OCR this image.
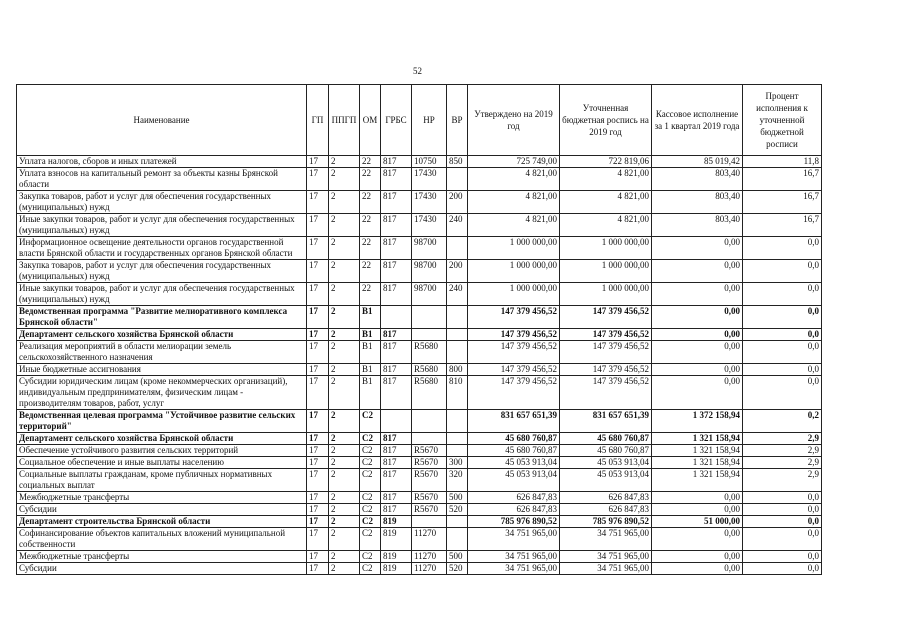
52
Наименование	ГП	ППГП	ОМ	ГРБС	НР	ВР	Утверждено на 2019 год	Уточненная бюджетная роспись на 2019 год	Кассовое исполнение за 1 квартал 2019 года	Процент исполнения к уточненной бюджетной росписи
Уплата налогов, сборов и иных платежей	17	2	22	817	10750	850	725 749,00	722 819,06	85 019,42	11,8
Уплата взносов на капитальный ремонт за объекты казны Брянской области	17	2	22	817	17430		4 821,00	4 821,00	803,40	16,7
Закупка товаров, работ и услуг для обеспечения государственных (муниципальных) нужд	17	2	22	817	17430	200	4 821,00	4 821,00	803,40	16,7
Иные закупки товаров, работ и услуг для обеспечения государственных (муниципальных) нужд	17	2	22	817	17430	240	4 821,00	4 821,00	803,40	16,7
Информационное освещение деятельности органов государственной власти Брянской области и государственных органов Брянской области	17	2	22	817	98700		1 000 000,00	1 000 000,00	0,00	0,0
Закупка товаров, работ и услуг для обеспечения государственных (муниципальных) нужд	17	2	22	817	98700	200	1 000 000,00	1 000 000,00	0,00	0,0
Иные закупки товаров, работ и услуг для обеспечения государственных (муниципальных) нужд	17	2	22	817	98700	240	1 000 000,00	1 000 000,00	0,00	0,0
Ведомственная программа "Развитие мелиоративного комплекса Брянской области"	17	2	В1				147 379 456,52	147 379 456,52	0,00	0,0
Департамент сельского хозяйства Брянской области	17	2	В1	817			147 379 456,52	147 379 456,52	0,00	0,0
Реализация мероприятий в области мелиорации земель сельскохозяйственного назначения	17	2	В1	817	R5680		147 379 456,52	147 379 456,52	0,00	0,0
Иные бюджетные ассигнования	17	2	В1	817	R5680	800	147 379 456,52	147 379 456,52	0,00	0,0
Субсидии юридическим лицам (кроме некоммерческих организаций), индивидуальным предпринимателям, физическим лицам - производителям товаров, работ, услуг	17	2	В1	817	R5680	810	147 379 456,52	147 379 456,52	0,00	0,0
Ведомственная целевая программа "Устойчивое развитие сельских территорий"	17	2	С2				831 657 651,39	831 657 651,39	1 372 158,94	0,2
Департамент сельского хозяйства Брянской области	17	2	С2	817			45 680 760,87	45 680 760,87	1 321 158,94	2,9
Обеспечение устойчивого развития сельских территорий	17	2	С2	817	R5670		45 680 760,87	45 680 760,87	1 321 158,94	2,9
Социальное обеспечение и иные выплаты населению	17	2	С2	817	R5670	300	45 053 913,04	45 053 913,04	1 321 158,94	2,9
Социальные выплаты гражданам, кроме публичных нормативных социальных выплат	17	2	С2	817	R5670	320	45 053 913,04	45 053 913,04	1 321 158,94	2,9
Межбюджетные трансферты	17	2	С2	817	R5670	500	626 847,83	626 847,83	0,00	0,0
Субсидии	17	2	С2	817	R5670	520	626 847,83	626 847,83	0,00	0,0
Департамент строительства Брянской области	17	2	С2	819			785 976 890,52	785 976 890,52	51 000,00	0,0
Софинансирование объектов капитальных вложений муниципальной собственности	17	2	С2	819	11270		34 751 965,00	34 751 965,00	0,00	0,0
Межбюджетные трансферты	17	2	С2	819	11270	500	34 751 965,00	34 751 965,00	0,00	0,0
Субсидии	17	2	С2	819	11270	520	34 751 965,00	34 751 965,00	0,00	0,0
